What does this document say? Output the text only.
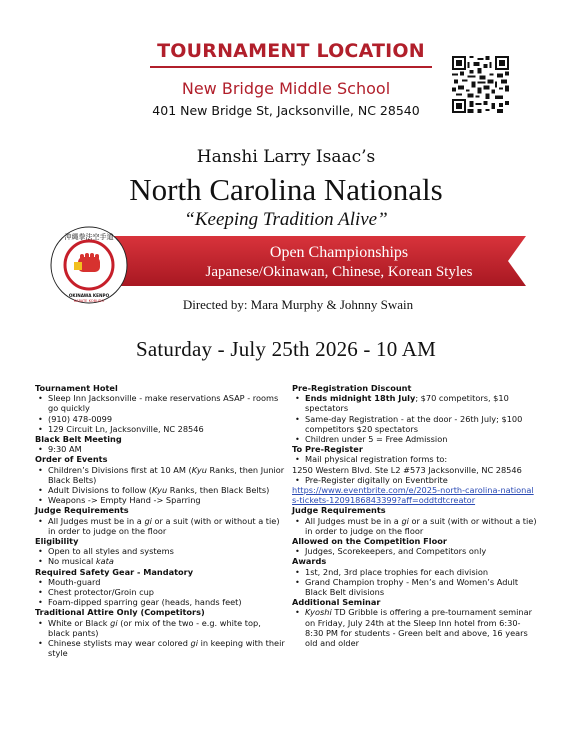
TOURNAMENT LOCATION
New Bridge Middle School
401 New Bridge St, Jacksonville, NC 28540
Hanshi Larry Isaac’s
North Carolina Nationals
“Keeping Tradition Alive”
Open Championships
Japanese/Okinawan, Chinese, Korean Styles
沖縄拳法空手道
OKINAWA KENPO
KARATE KOBUDO	Directed by: Mara Murphy & Johnny Swain
Saturday - July 25th 2026 - 10 AM
Tournament Hotel
• Sleep Inn Jacksonville - make reservations ASAP - rooms go quickly
• (910) 478-0099
• 129 Circuit Ln, Jacksonville, NC 28546
Black Belt Meeting
• 9:30 AM
Order of Events
• Children’s Divisions first at 10 AM (Kyu Ranks, then Junior Black Belts)
• Adult Divisions to follow (Kyu Ranks, then Black Belts)
• Weapons -> Empty Hand -> Sparring
Judge Requirements
• All Judges must be in a gi or a suit (with or without a tie) in order to judge on the floor
Eligibility
• Open to all styles and systems
• No musical kata
Required Safety Gear - Mandatory
• Mouth-guard
• Chest protector/Groin cup
• Foam-dipped sparring gear (heads, hands feet)
Traditional Attire Only (Competitors)
• White or Black gi (or mix of the two - e.g. white top, black pants)
• Chinese stylists may wear colored gi in keeping with their style
Pre-Registration Discount
• Ends midnight 18th July; $70 competitors, $10 spectators
• Same-day Registration - at the door - 26th July; $100 competitors $20 spectators
• Children under 5 = Free Admission
To Pre-Register
• Mail physical registration forms to:
1250 Western Blvd. Ste L2 #573 Jacksonville, NC 28546
• Pre-Register digitally on Eventbrite
https://www.eventbrite.com/e/2025-north-carolina-nationals-tickets-1209186843399?aff=oddtdtcreator
Judge Requirements
• All Judges must be in a gi or a suit (with or without a tie) in order to judge on the floor
Allowed on the Competition Floor
• Judges, Scorekeepers, and Competitors only
Awards
• 1st, 2nd, 3rd place trophies for each division
• Grand Champion trophy - Men’s and Women’s Adult Black Belt divisions
Additional Seminar
• Kyoshi TD Gribble is offering a pre-tournament seminar on Friday, July 24th at the Sleep Inn hotel from 6:30-8:30 PM for students - Green belt and above, 16 years old and older
